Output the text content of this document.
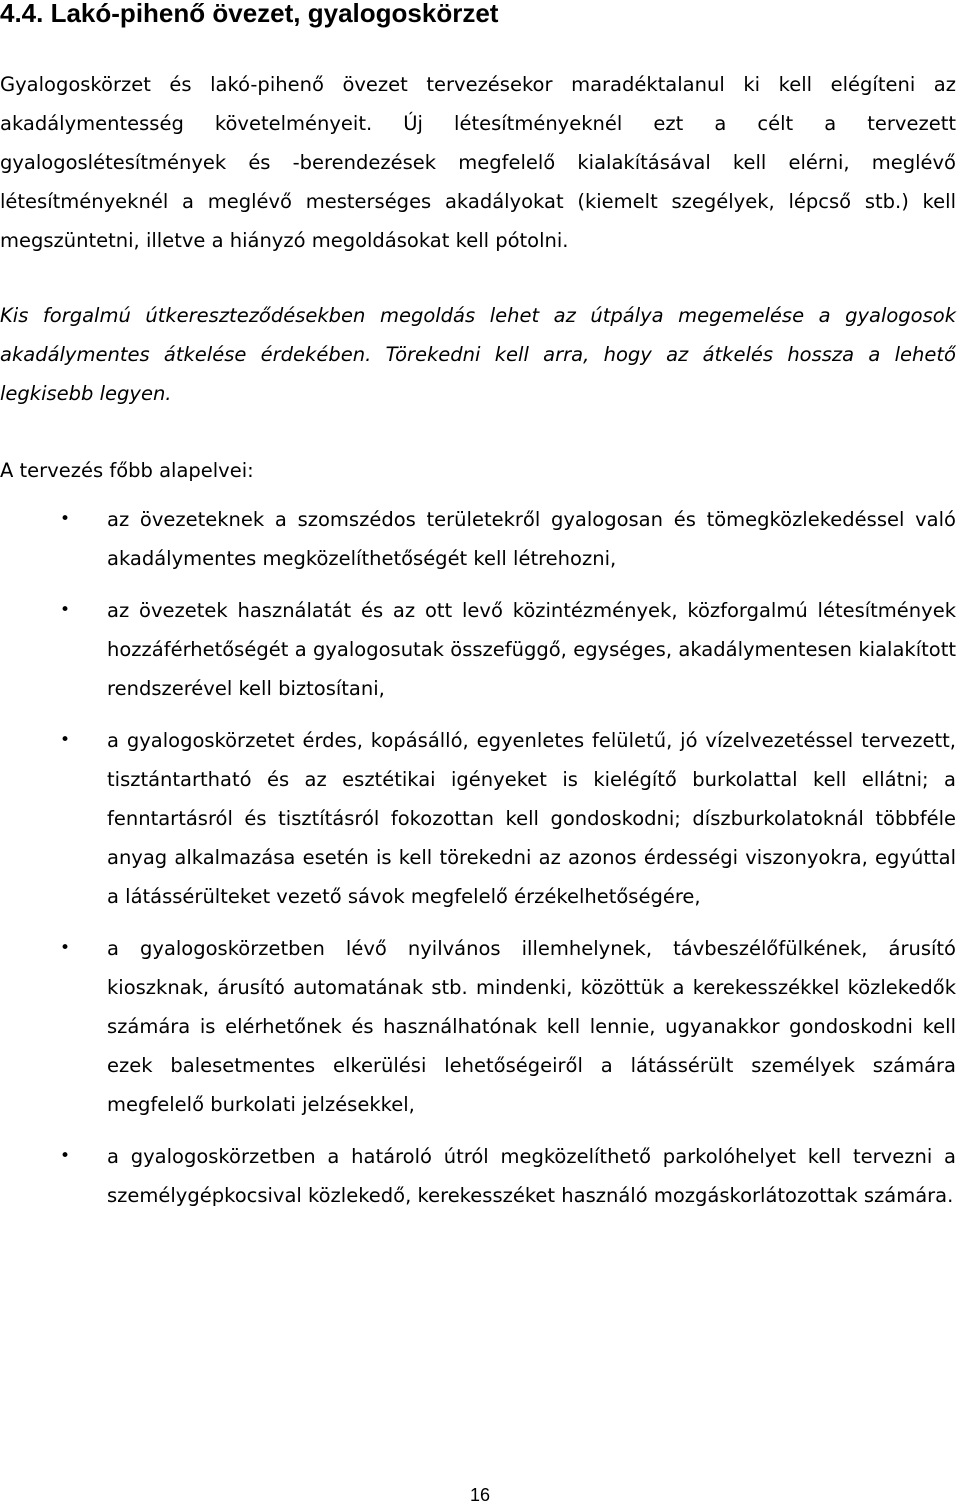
4.4. Lakó-pihenő övezet, gyalogoskörzet

Gyalogoskörzet és lakó-pihenő övezet tervezésekor maradéktalanul ki kell elégíteni az akadálymentesség követelményeit. Új létesítményeknél ezt a célt a tervezett gyalogoslétesítmények és -berendezések megfelelő kialakításával kell elérni, meglévő létesítményeknél a meglévő mesterséges akadályokat (kiemelt szegélyek, lépcső stb.) kell megszüntetni, illetve a hiányzó megoldásokat kell pótolni.

Kis forgalmú útkereszteződésekben megoldás lehet az útpálya megemelése a gyalogosok akadálymentes átkelése érdekében. Törekedni kell arra, hogy az átkelés hossza a lehető legkisebb legyen.

A tervezés főbb alapelvei:

• az övezeteknek a szomszédos területekről gyalogosan és tömegközlekedéssel való akadálymentes megközelíthetőségét kell létrehozni,
• az övezetek használatát és az ott levő közintézmények, közforgalmú létesítmények hozzáférhetőségét a gyalogosutak összefüggő, egységes, akadálymentesen kialakított rendszerével kell biztosítani,
• a gyalogoskörzetet érdes, kopásálló, egyenletes felületű, jó vízelvezetéssel tervezett, tisztántartható és az esztétikai igényeket is kielégítő burkolattal kell ellátni; a fenntartásról és tisztításról fokozottan kell gondoskodni; díszburkolatoknál többféle anyag alkalmazása esetén is kell törekedni az azonos érdességi viszonyokra, egyúttal a látássérülteket vezető sávok megfelelő érzékelhetőségére,
• a gyalogoskörzetben lévő nyilvános illemhelynek, távbeszélőfülkének, árusító kioszknak, árusító automatának stb. mindenki, közöttük a kerekesszékkel közlekedők számára is elérhetőnek és használhatónak kell lennie, ugyanakkor gondoskodni kell ezek balesetmentes elkerülési lehetőségeiről a látássérült személyek számára megfelelő burkolati jelzésekkel,
• a gyalogoskörzetben a határoló útról megközelíthető parkolóhelyet kell tervezni a személygépkocsival közlekedő, kerekesszéket használó mozgáskorlátozottak számára.
16
